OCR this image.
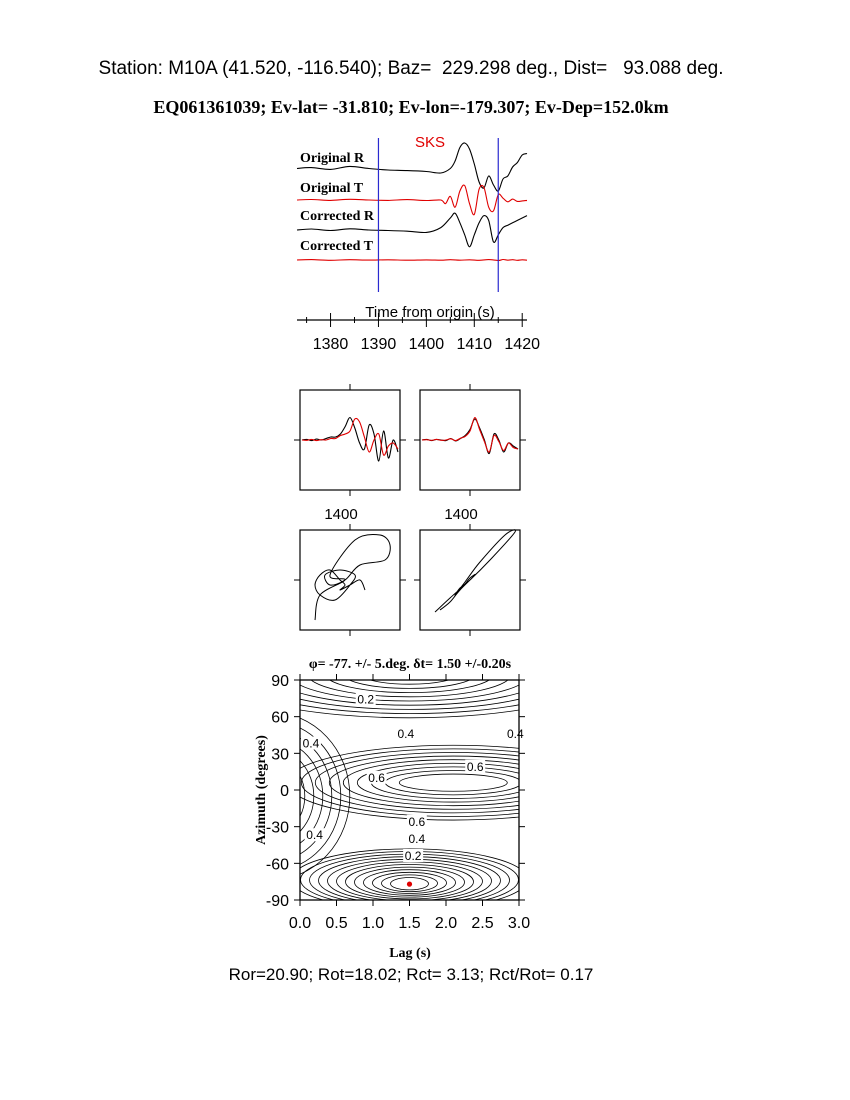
Station: M10A (41.520, -116.540); Baz=  229.298 deg., Dist=   93.088 deg.
EQ061361039; Ev-lat= -31.810; Ev-lon=-179.307; Ev-Dep=152.0km
1380 1390 1400 1410 1420
Original R
Original T
Corrected R
Corrected T
SKS
Time from origin (s)
1400	1400
φ= -77. +/- 5.deg. δt= 1.50 +/-0.20s
0.2
0.4	0.4
0.4
0.6
0.6
0.6
0.4
0.4
0.2
0.0 0.5 1.0 1.5 2.0 2.5 3.0
90
60
30
0
-30
-60
-90
Lag (s)
Azimuth (degrees)
Ror=20.90; Rot=18.02; Rct= 3.13; Rct/Rot= 0.17
